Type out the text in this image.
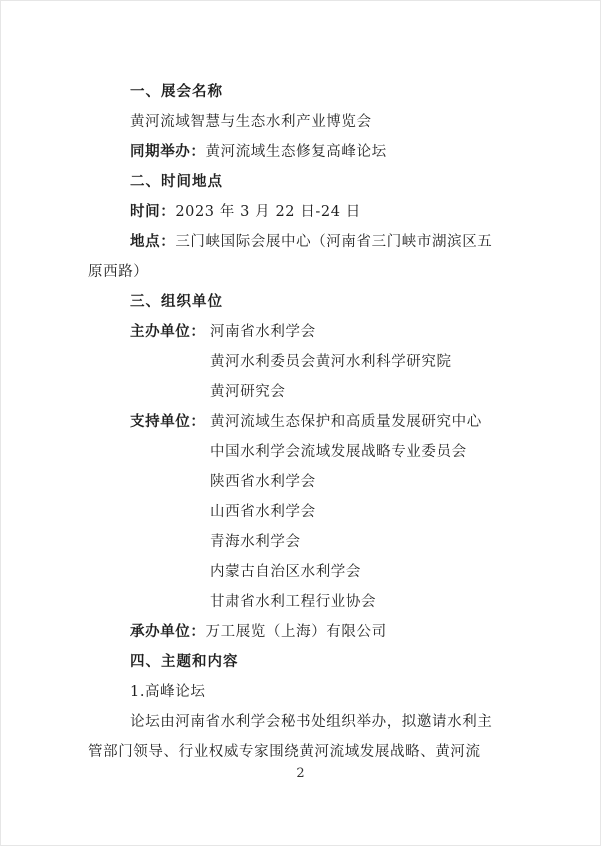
一、展会名称
黄河流域智慧与生态水利产业博览会
同期举办：黄河流域生态修复高峰论坛
二、时间地点
时间：2023 年 3 月 22 日-24 日
地点：三门峡国际会展中心（河南省三门峡市湖滨区五
原西路）
三、组织单位
主办单位： 河南省水利学会
黄河水利委员会黄河水利科学研究院
黄河研究会
支持单位： 黄河流域生态保护和高质量发展研究中心
中国水利学会流域发展战略专业委员会
陕西省水利学会
山西省水利学会
青海水利学会
内蒙古自治区水利学会
甘肃省水利工程行业协会
承办单位：万工展览（上海）有限公司
四、主题和内容
1.高峰论坛
论坛由河南省水利学会秘书处组织举办，拟邀请水利主
管部门领导、行业权威专家围绕黄河流域发展战略、黄河流
2
